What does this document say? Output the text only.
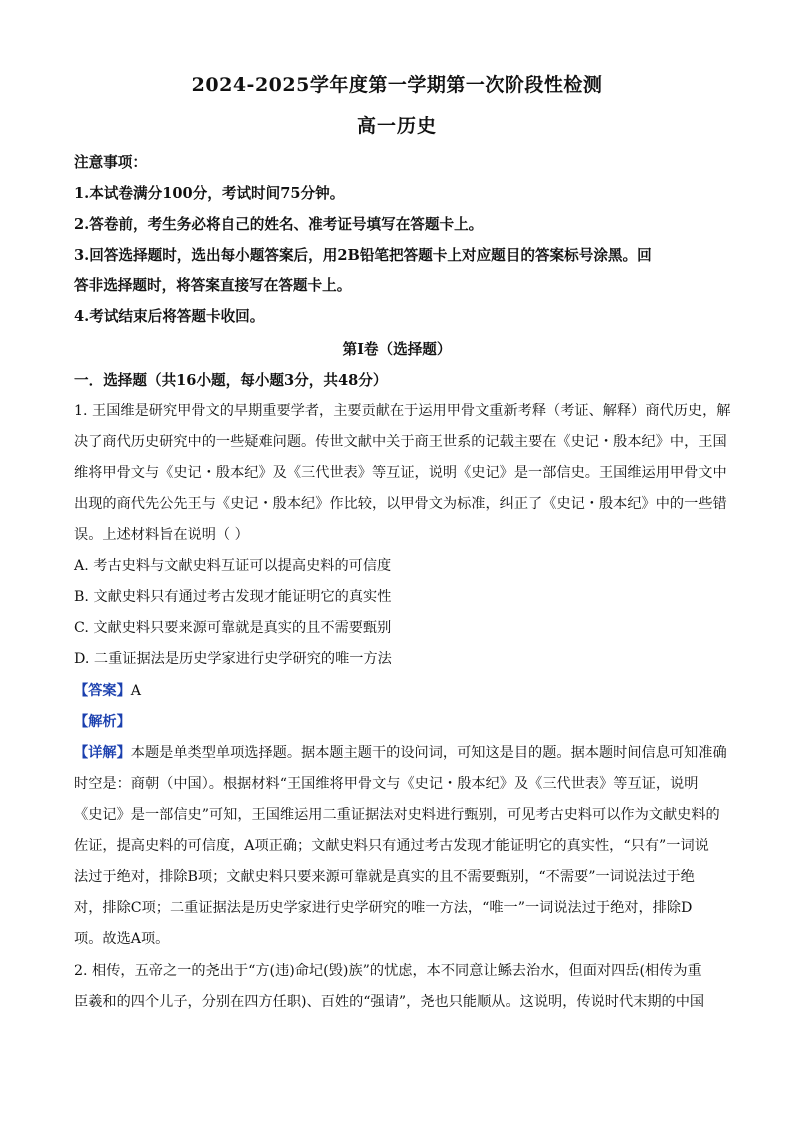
2024-2025学年度第一学期第一次阶段性检测
高一历史
注意事项：
1.本试卷满分100分，考试时间75分钟。
2.答卷前，考生务必将自己的姓名、准考证号填写在答题卡上。
3.回答选择题时，选出每小题答案后，用2B铅笔把答题卡上对应题目的答案标号涂黑。回
答非选择题时，将答案直接写在答题卡上。
4.考试结束后将答题卡收回。
第Ⅰ卷（选择题）
一．选择题（共16小题，每小题3分，共48分）
1. 王国维是研究甲骨文的早期重要学者，主要贡献在于运用甲骨文重新考释（考证、解释）商代历史，解
决了商代历史研究中的一些疑难问题。传世文献中关于商王世系的记载主要在《史记・殷本纪》中，王国
维将甲骨文与《史记・殷本纪》及《三代世表》等互证，说明《史记》是一部信史。王国维运用甲骨文中
出现的商代先公先王与《史记・殷本纪》作比较，以甲骨文为标准，纠正了《史记・殷本纪》中的一些错
误。上述材料旨在说明（ ）
A. 考古史料与文献史料互证可以提高史料的可信度
B. 文献史料只有通过考古发现才能证明它的真实性
C. 文献史料只要来源可靠就是真实的且不需要甄别
D. 二重证据法是历史学家进行史学研究的唯一方法
【答案】A
【解析】
【详解】本题是单类型单项选择题。据本题主题干的设问词，可知这是目的题。据本题时间信息可知准确
时空是：商朝（中国）。根据材料“王国维将甲骨文与《史记・殷本纪》及《三代世表》等互证，说明
《史记》是一部信史”可知，王国维运用二重证据法对史料进行甄别，可见考古史料可以作为文献史料的
佐证，提高史料的可信度，A项正确；文献史料只有通过考古发现才能证明它的真实性，“只有”一词说
法过于绝对，排除B项；文献史料只要来源可靠就是真实的且不需要甄别，“不需要”一词说法过于绝
对，排除C项；二重证据法是历史学家进行史学研究的唯一方法，“唯一”一词说法过于绝对，排除D
项。故选A项。
2. 相传，五帝之一的尧出于“方(违)命圮(毁)族”的忧虑，本不同意让鲧去治水，但面对四岳(相传为重
臣羲和的四个儿子，分别在四方任职)、百姓的“强请”，尧也只能顺从。这说明，传说时代末期的中国
